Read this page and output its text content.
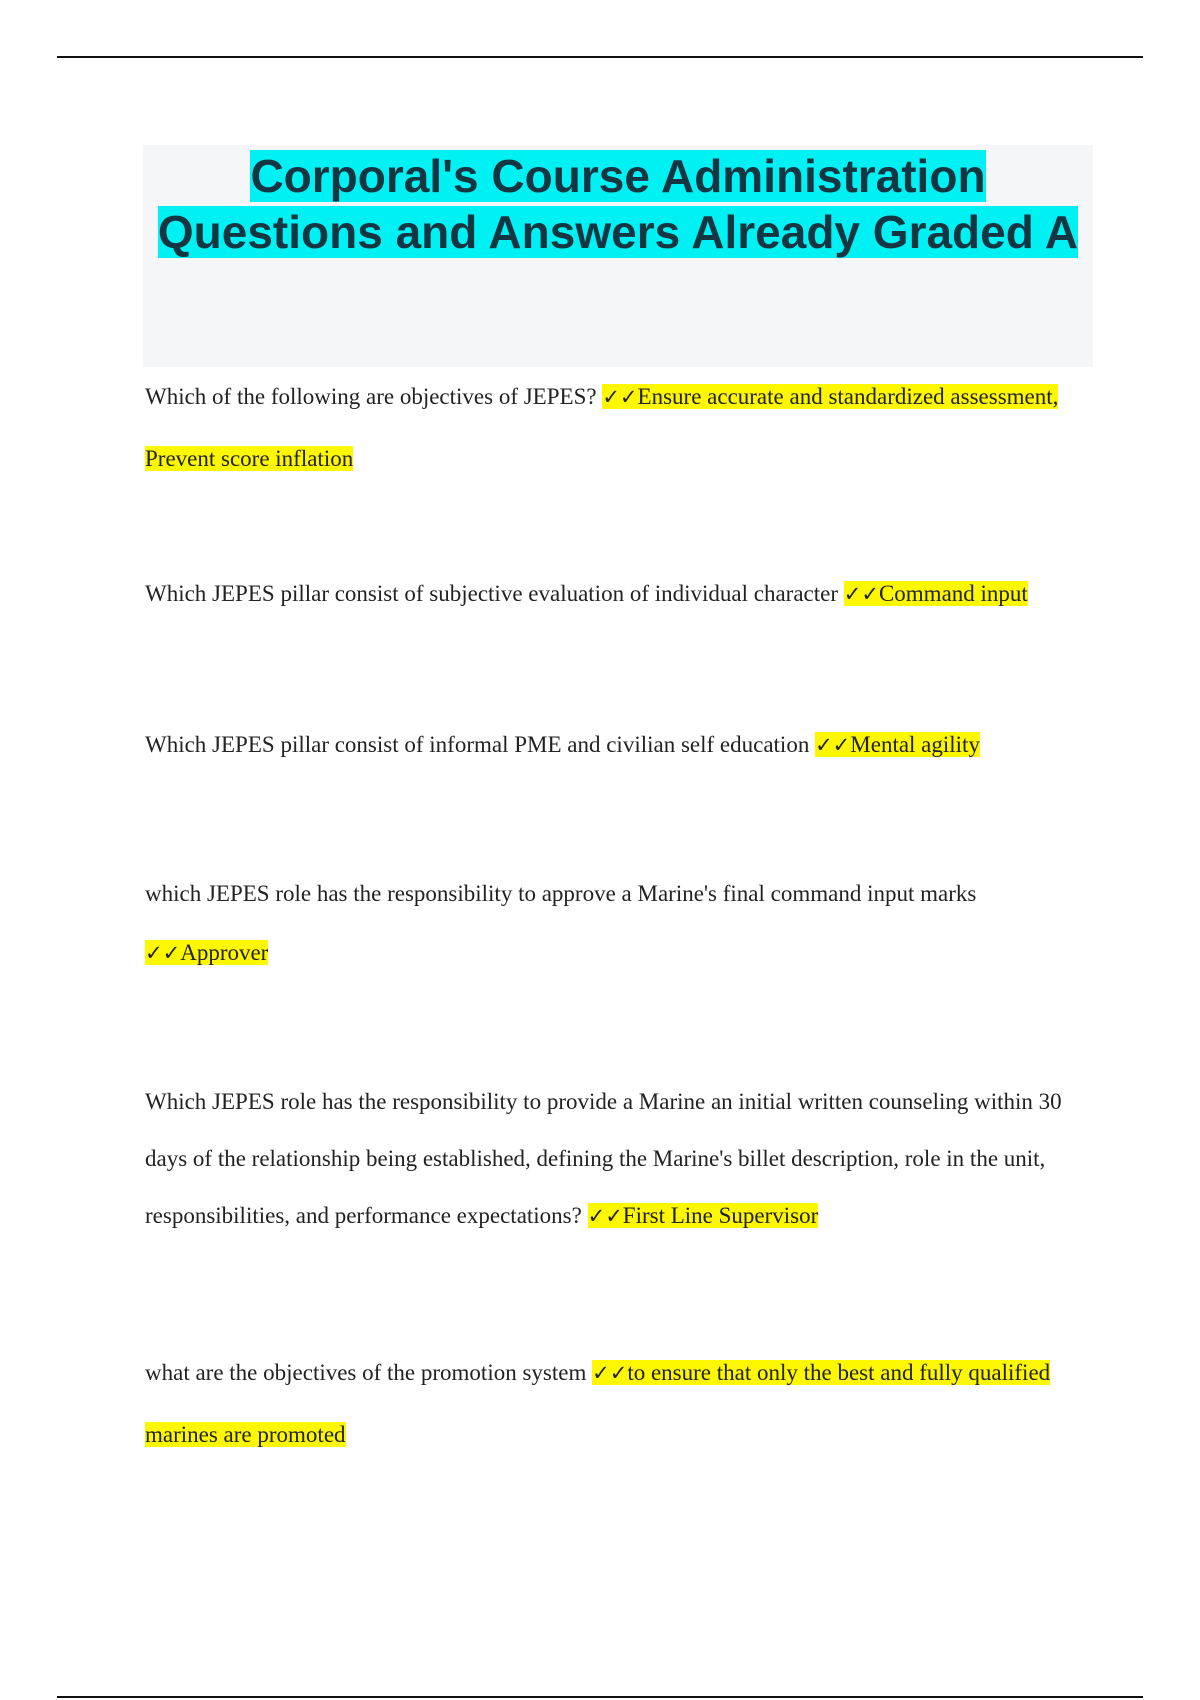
Corporal's Course Administration Questions and Answers Already Graded A

Which of the following are objectives of JEPES? ✓✓Ensure accurate and standardized assessment, Prevent score inflation

Which JEPES pillar consist of subjective evaluation of individual character ✓✓Command input

Which JEPES pillar consist of informal PME and civilian self education ✓✓Mental agility

which JEPES role has the responsibility to approve a Marine's final command input marks ✓✓Approver

Which JEPES role has the responsibility to provide a Marine an initial written counseling within 30 days of the relationship being established, defining the Marine's billet description, role in the unit, responsibilities, and performance expectations? ✓✓First Line Supervisor

what are the objectives of the promotion system ✓✓to ensure that only the best and fully qualified marines are promoted
